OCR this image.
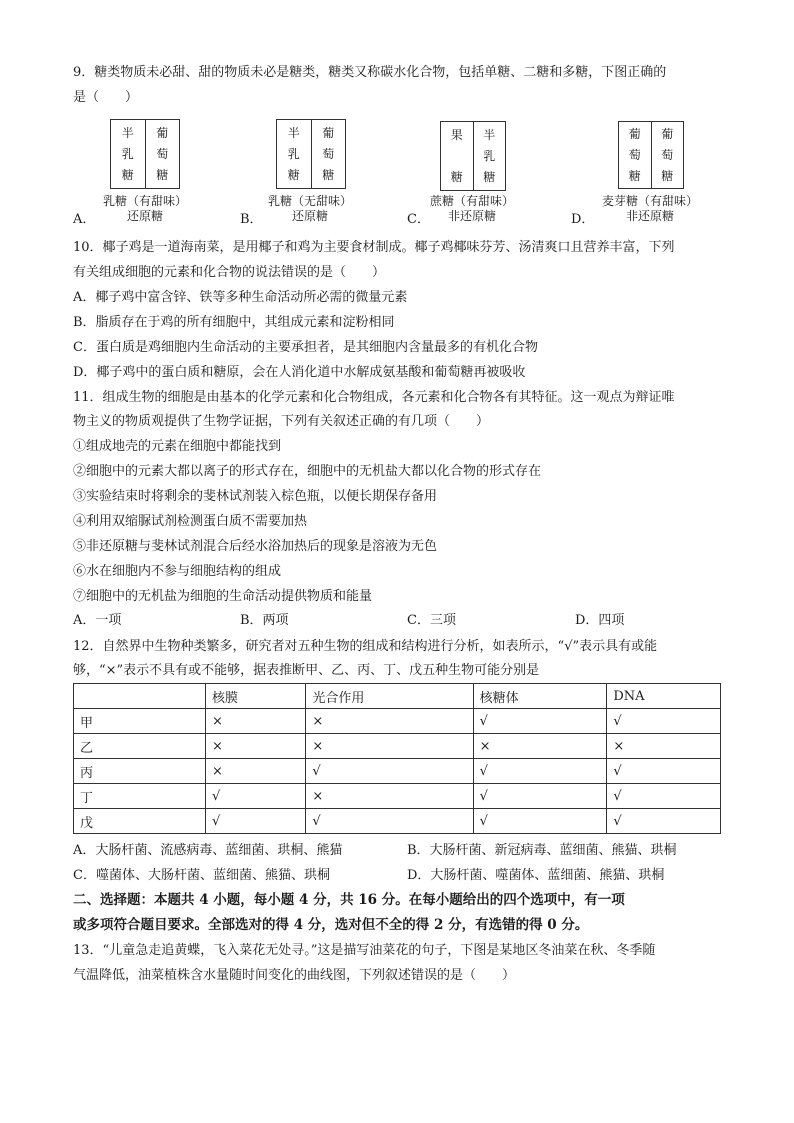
9．糖类物质未必甜、甜的物质未必是糖类，糖类又称碳水化合物，包括单糖、二糖和多糖，下图正确的
是（　　）
半
乳
糖
葡
萄
糖
乳糖（有甜味）
还原糖
A．
半
乳
糖
葡
萄
糖
乳糖（无甜味）
还原糖
B．
果

糖
半
乳
糖
蔗糖（有甜味）
非还原糖
C．
葡
萄
糖
葡
萄
糖
麦芽糖（有甜味）
非还原糖
D．
10．椰子鸡是一道海南菜，是用椰子和鸡为主要食材制成。椰子鸡椰味芬芳、汤清爽口且营养丰富，下列
有关组成细胞的元素和化合物的说法错误的是（　　）
A．椰子鸡中富含锌、铁等多种生命活动所必需的微量元素
B．脂质存在于鸡的所有细胞中，其组成元素和淀粉相同
C．蛋白质是鸡细胞内生命活动的主要承担者，是其细胞内含量最多的有机化合物
D．椰子鸡中的蛋白质和糖原，会在人消化道中水解成氨基酸和葡萄糖再被吸收
11．组成生物的细胞是由基本的化学元素和化合物组成，各元素和化合物各有其特征。这一观点为辩证唯
物主义的物质观提供了生物学证据，下列有关叙述正确的有几项（　　）
①组成地壳的元素在细胞中都能找到
②细胞中的元素大都以离子的形式存在，细胞中的无机盐大都以化合物的形式存在
③实验结束时将剩余的斐林试剂装入棕色瓶，以便长期保存备用
④利用双缩脲试剂检测蛋白质不需要加热
⑤非还原糖与斐林试剂混合后经水浴加热后的现象是溶液为无色
⑥水在细胞内不参与细胞结构的组成
⑦细胞中的无机盐为细胞的生命活动提供物质和能量
A．一项	B．两项	C．三项	D．四项
12．自然界中生物种类繁多，研究者对五种生物的组成和结构进行分析，如表所示，“√”表示具有或能
够，“×”表示不具有或不能够，据表推断甲、乙、丙、丁、戊五种生物可能分别是
	核膜	光合作用	核糖体	DNA
甲	×	×	√	√
乙	×	×	×	×
丙	×	√	√	√
丁	√	×	√	√
戊	√	√	√	√
A．大肠杆菌、流感病毒、蓝细菌、珙桐、熊猫	B．大肠杆菌、新冠病毒、蓝细菌、熊猫、珙桐
C．噬菌体、大肠杆菌、蓝细菌、熊猫、珙桐	D．大肠杆菌、噬菌体、蓝细菌、熊猫、珙桐
二、选择题：本题共 4 小题，每小题 4 分，共 16 分。在每小题给出的四个选项中，有一项
或多项符合题目要求。全部选对的得 4 分，选对但不全的得 2 分，有选错的得 0 分。
13．“儿童急走追黄蝶，飞入菜花无处寻。”这是描写油菜花的句子，下图是某地区冬油菜在秋、冬季随
气温降低，油菜植株含水量随时间变化的曲线图，下列叙述错误的是（　　）
